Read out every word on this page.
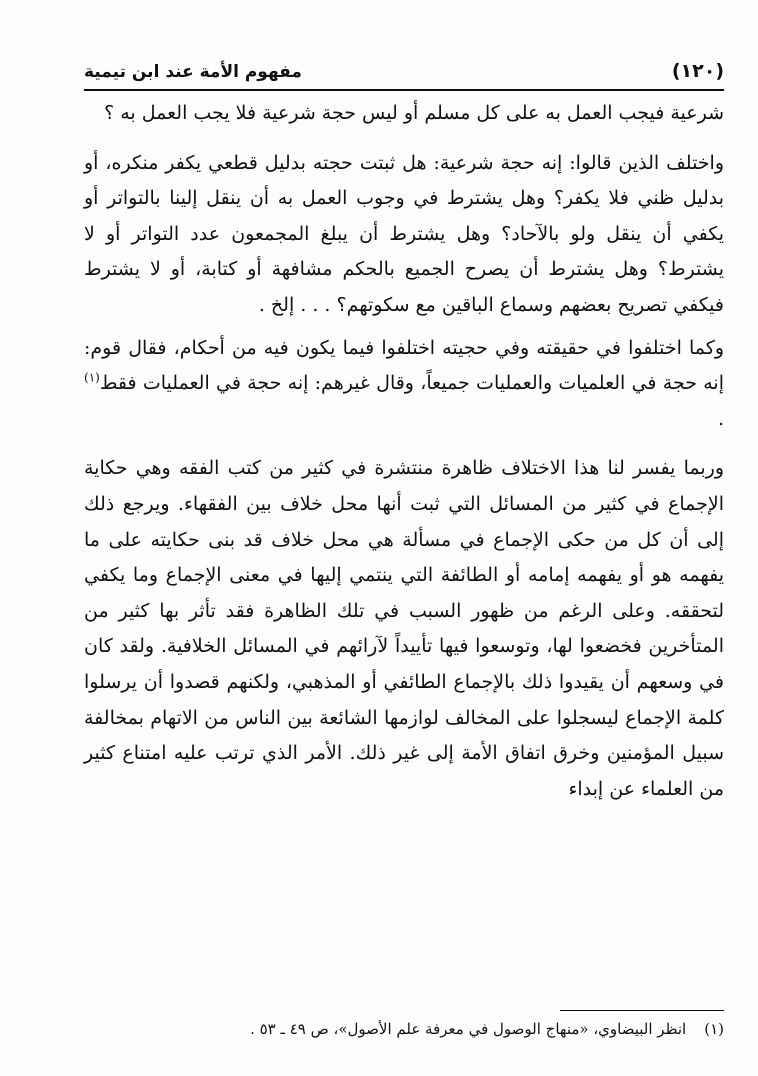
مفهوم الأمة عند ابن تيمية	(١٢٠)

شرعية فيجب العمل به على كل مسلم أو ليس حجة شرعية فلا يجب العمل به ؟

واختلف الذين قالوا: إنه حجة شرعية: هل ثبتت حجته بدليل قطعي يكفر منكره، أو بدليل ظني فلا يكفر؟ وهل يشترط في وجوب العمل به أن ينقل إلينا بالتواتر أو يكفي أن ينقل ولو بالآحاد؟ وهل يشترط أن يبلغ المجمعون عدد التواتر أو لا يشترط؟ وهل يشترط أن يصرح الجميع بالحكم مشافهة أو كتابة، أو لا يشترط فيكفي تصريح بعضهم وسماع الباقين مع سكوتهم؟ . . . إلخ .

وكما اختلفوا في حقيقته وفي حجيته اختلفوا فيما يكون فيه من أحكام، فقال قوم: إنه حجة في العلميات والعمليات جميعاً، وقال غيرهم: إنه حجة في العمليات فقط$^{(١)}$ .

وربما يفسر لنا هذا الاختلاف ظاهرة منتشرة في كثير من كتب الفقه وهي حكاية الإجماع في كثير من المسائل التي ثبت أنها محل خلاف بين الفقهاء. ويرجع ذلك إلى أن كل من حكى الإجماع في مسألة هي محل خلاف قد بنى حكايته على ما يفهمه هو أو يفهمه إمامه أو الطائفة التي ينتمي إليها في معنى الإجماع وما يكفي لتحققه. وعلى الرغم من ظهور السبب في تلك الظاهرة فقد تأثر بها كثير من المتأخرين فخضعوا لها، وتوسعوا فيها تأييداً لآرائهم في المسائل الخلافية. ولقد كان في وسعهم أن يقيدوا ذلك بالإجماع الطائفي أو المذهبي، ولكنهم قصدوا أن يرسلوا كلمة الإجماع ليسجلوا على المخالف لوازمها الشائعة بين الناس من الاتهام بمخالفة سبيل المؤمنين وخرق اتفاق الأمة إلى غير ذلك. الأمر الذي ترتب عليه امتناع كثير من العلماء عن إبداء

(١)انظر البيضاوي، «منهاج الوصول في معرفة علم الأصول»، ص ٤٩ ـ ٥٣ .
